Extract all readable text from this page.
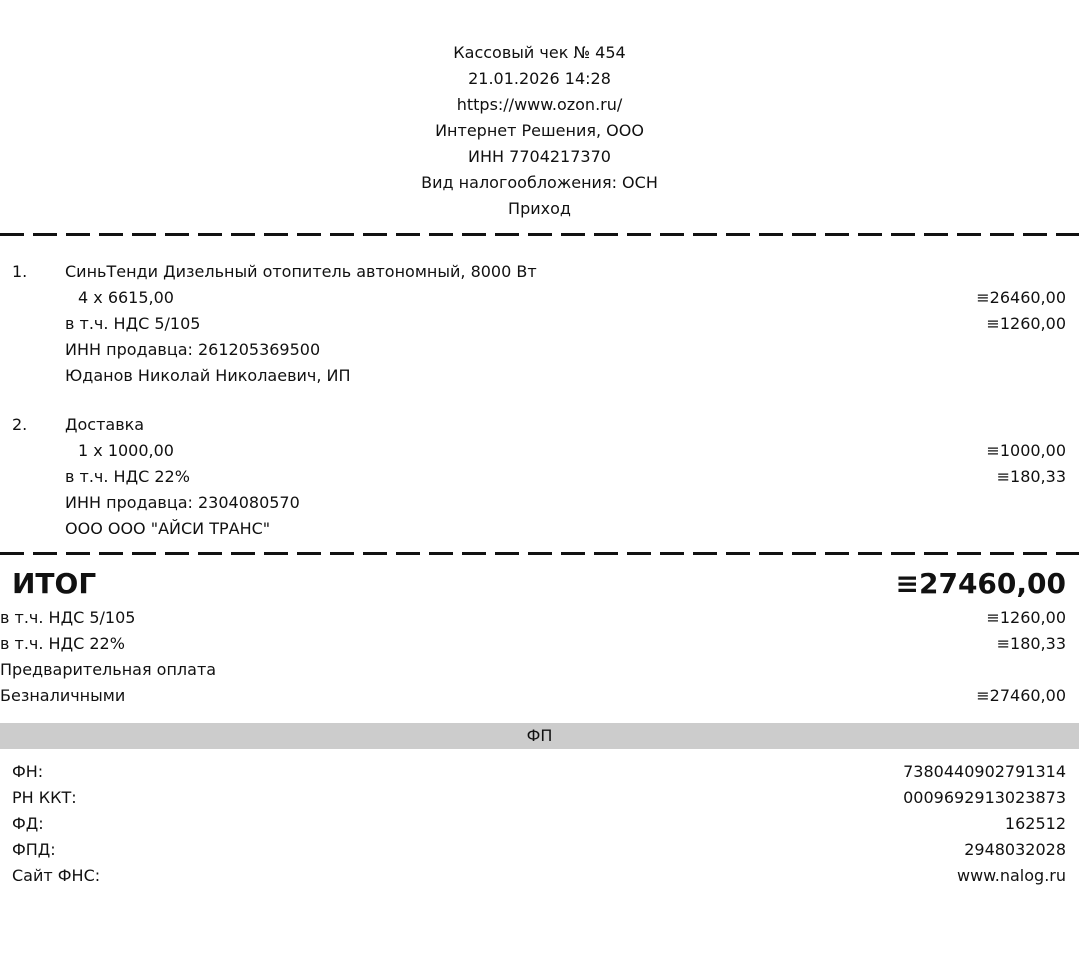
Кассовый чек № 454
21.01.2026 14:28
https://www.ozon.ru/
Интернет Решения, ООО
ИНН 7704217370
Вид налогообложения: ОСН
Приход
1. СиньТенди Дизельный отопитель автономный, 8000 Вт
4 x 6615,00	≡26460,00
в т.ч. НДС 5/105	≡1260,00
ИНН продавца: 261205369500
Юданов Николай Николаевич, ИП
2. Доставка
1 x 1000,00	≡1000,00
в т.ч. НДС 22%	≡180,33
ИНН продавца: 2304080570
ООО ООО "АЙСИ ТРАНС"
ИТОГ	≡27460,00
в т.ч. НДС 5/105	≡1260,00
в т.ч. НДС 22%	≡180,33
Предварительная оплата
Безналичными	≡27460,00
ФП
ФН:	7380440902791314
РН ККТ:	0009692913023873
ФД:	162512
ФПД:	2948032028
Сайт ФНС:	www.nalog.ru
